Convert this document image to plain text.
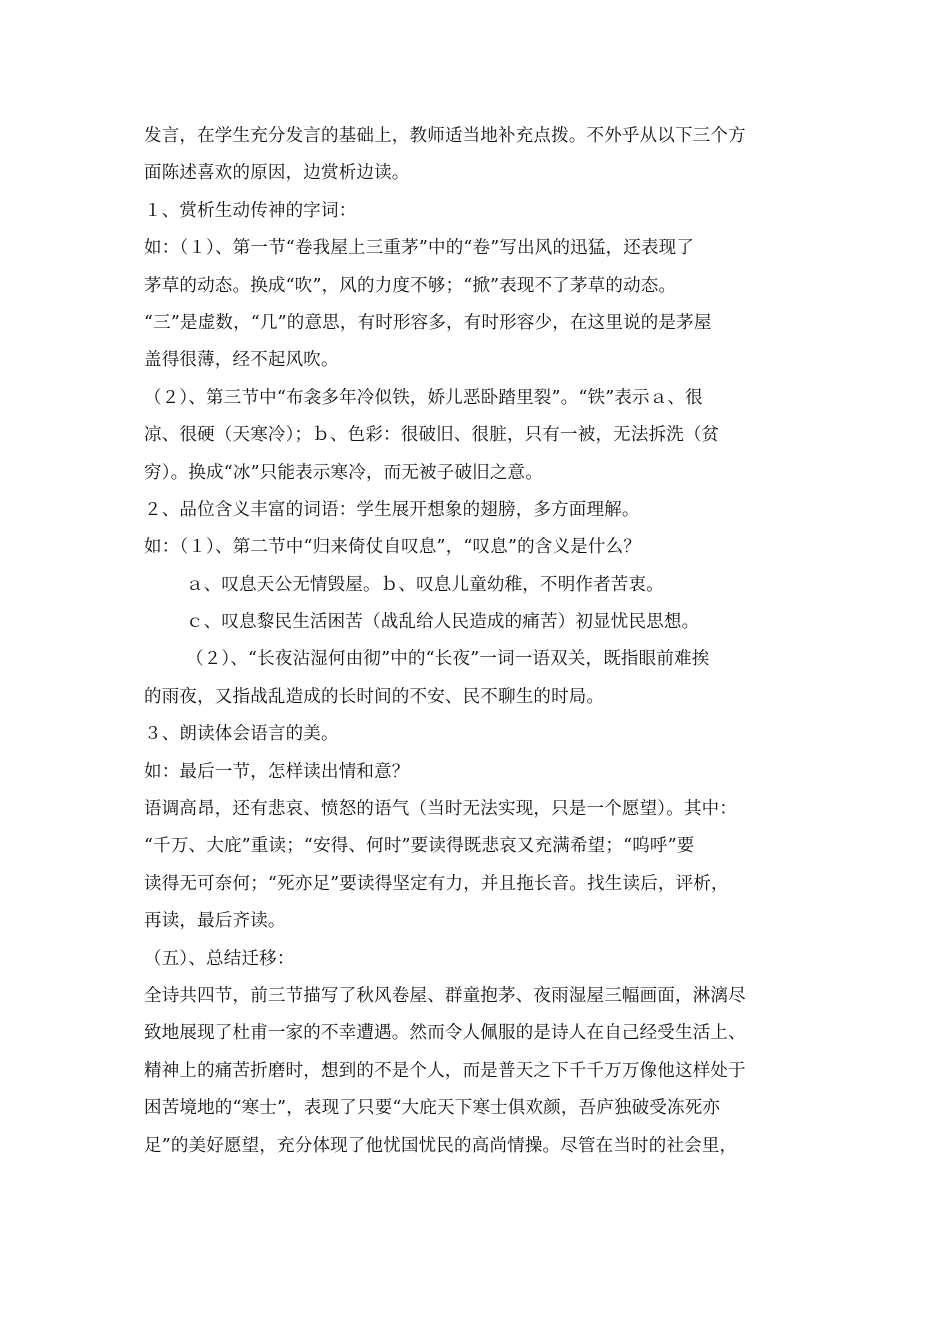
发言，在学生充分发言的基础上，教师适当地补充点拨。不外乎从以下三个方
面陈述喜欢的原因，边赏析边读。
１、赏析生动传神的字词：
如：（１）、第一节“卷我屋上三重茅”中的“卷”写出风的迅猛，还表现了
茅草的动态。换成“吹”，风的力度不够；“掀”表现不了茅草的动态。
“三”是虚数，“几”的意思，有时形容多，有时形容少，在这里说的是茅屋
盖得很薄，经不起风吹。
（２）、第三节中“布衾多年冷似铁，娇儿恶卧踏里裂”。“铁”表示ａ、很
凉、很硬（天寒冷）；ｂ、色彩：很破旧、很脏，只有一被，无法拆洗（贫
穷）。换成“冰”只能表示寒冷，而无被子破旧之意。
２、品位含义丰富的词语：学生展开想象的翅膀，多方面理解。
如：（１）、第二节中“归来倚仗自叹息”，“叹息”的含义是什么？
ａ、叹息天公无情毁屋。ｂ、叹息儿童幼稚，不明作者苦衷。
ｃ、叹息黎民生活困苦（战乱给人民造成的痛苦）初显忧民思想。
（２）、“长夜沾湿何由彻”中的“长夜”一词一语双关，既指眼前难挨
的雨夜，又指战乱造成的长时间的不安、民不聊生的时局。
３、朗读体会语言的美。
如：最后一节，怎样读出情和意？
语调高昂，还有悲哀、愤怒的语气（当时无法实现，只是一个愿望）。其中：
“千万、大庇”重读；“安得、何时”要读得既悲哀又充满希望；“呜呼”要
读得无可奈何；“死亦足”要读得坚定有力，并且拖长音。找生读后，评析，
再读，最后齐读。
（五）、总结迁移：
全诗共四节，前三节描写了秋风卷屋、群童抱茅、夜雨湿屋三幅画面，淋漓尽
致地展现了杜甫一家的不幸遭遇。然而令人佩服的是诗人在自己经受生活上、
精神上的痛苦折磨时，想到的不是个人，而是普天之下千千万万像他这样处于
困苦境地的“寒士”，表现了只要“大庇天下寒士俱欢颜，吾庐独破受冻死亦
足”的美好愿望，充分体现了他忧国忧民的高尚情操。尽管在当时的社会里，
